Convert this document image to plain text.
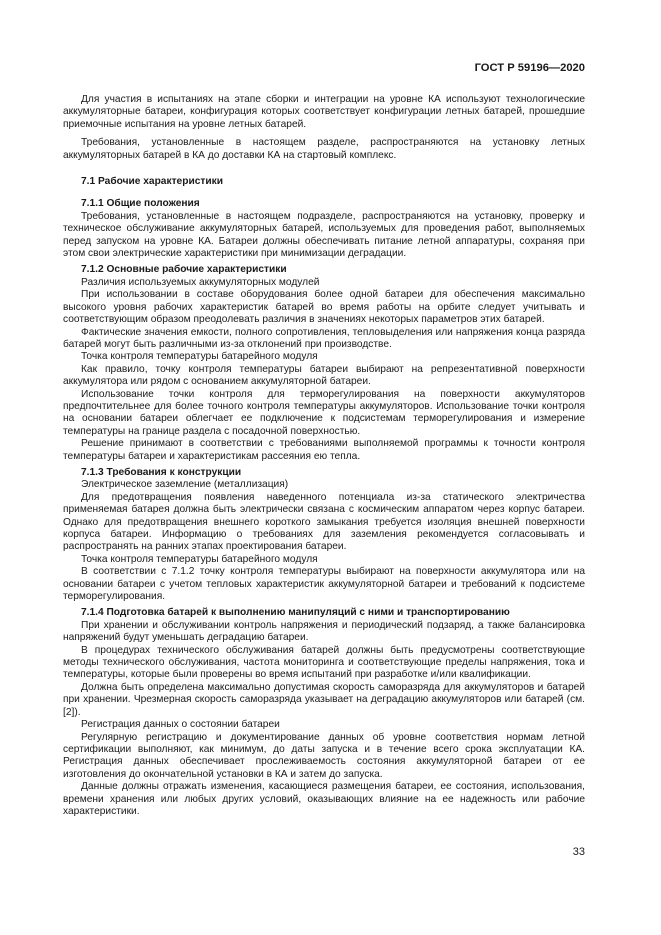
ГОСТ Р 59196—2020

Для участия в испытаниях на этапе сборки и интеграции на уровне КА используют технологические аккумуляторные батареи, конфигурация которых соответствует конфигурации летных батарей, прошедшие приемочные испытания на уровне летных батарей.

Требования, установленные в настоящем разделе, распространяются на установку летных аккумуляторных батарей в КА до доставки КА на стартовый комплекс.

7.1 Рабочие характеристики

7.1.1 Общие положения

Требования, установленные в настоящем подразделе, распространяются на установку, проверку и техническое обслуживание аккумуляторных батарей, используемых для проведения работ, выполняемых перед запуском на уровне КА. Батареи должны обеспечивать питание летной аппаратуры, сохраняя при этом свои электрические характеристики при минимизации деградации.

7.1.2 Основные рабочие характеристики

Различия используемых аккумуляторных модулей

При использовании в составе оборудования более одной батареи для обеспечения максимально высокого уровня рабочих характеристик батарей во время работы на орбите следует учитывать и соответствующим образом преодолевать различия в значениях некоторых параметров этих батарей.

Фактические значения емкости, полного сопротивления, тепловыделения или напряжения конца разряда батарей могут быть различными из-за отклонений при производстве.

Точка контроля температуры батарейного модуля

Как правило, точку контроля температуры батареи выбирают на репрезентативной поверхности аккумулятора или рядом с основанием аккумуляторной батареи.

Использование точки контроля для терморегулирования на поверхности аккумуляторов предпочтительнее для более точного контроля температуры аккумуляторов. Использование точки контроля на основании батареи облегчает ее подключение к подсистемам терморегулирования и измерение температуры на границе раздела с посадочной поверхностью.

Решение принимают в соответствии с требованиями выполняемой программы к точности контроля температуры батареи и характеристикам рассеяния ею тепла.

7.1.3 Требования к конструкции

Электрическое заземление (металлизация)

Для предотвращения появления наведенного потенциала из-за статического электричества применяемая батарея должна быть электрически связана с космическим аппаратом через корпус батареи. Однако для предотвращения внешнего короткого замыкания требуется изоляция внешней поверхности корпуса батареи. Информацию о требованиях для заземления рекомендуется согласовывать и распространять на ранних этапах проектирования батареи.

Точка контроля температуры батарейного модуля

В соответствии с 7.1.2 точку контроля температуры выбирают на поверхности аккумулятора или на основании батареи с учетом тепловых характеристик аккумуляторной батареи и требований к подсистеме терморегулирования.

7.1.4 Подготовка батарей к выполнению манипуляций с ними и транспортированию

При хранении и обслуживании контроль напряжения и периодический подзаряд, а также балансировка напряжений будут уменьшать деградацию батареи.

В процедурах технического обслуживания батарей должны быть предусмотрены соответствующие методы технического обслуживания, частота мониторинга и соответствующие пределы напряжения, тока и температуры, которые были проверены во время испытаний при разработке и/или квалификации.

Должна быть определена максимально допустимая скорость саморазряда для аккумуляторов и батарей при хранении. Чрезмерная скорость саморазряда указывает на деградацию аккумуляторов или батарей (см. [2]).

Регистрация данных о состоянии батареи

Регулярную регистрацию и документирование данных об уровне соответствия нормам летной сертификации выполняют, как минимум, до даты запуска и в течение всего срока эксплуатации КА. Регистрация данных обеспечивает прослеживаемость состояния аккумуляторной батареи от ее изготовления до окончательной установки в КА и затем до запуска.

Данные должны отражать изменения, касающиеся размещения батареи, ее состояния, использования, времени хранения или любых других условий, оказывающих влияние на ее надежность или рабочие характеристики.

33
